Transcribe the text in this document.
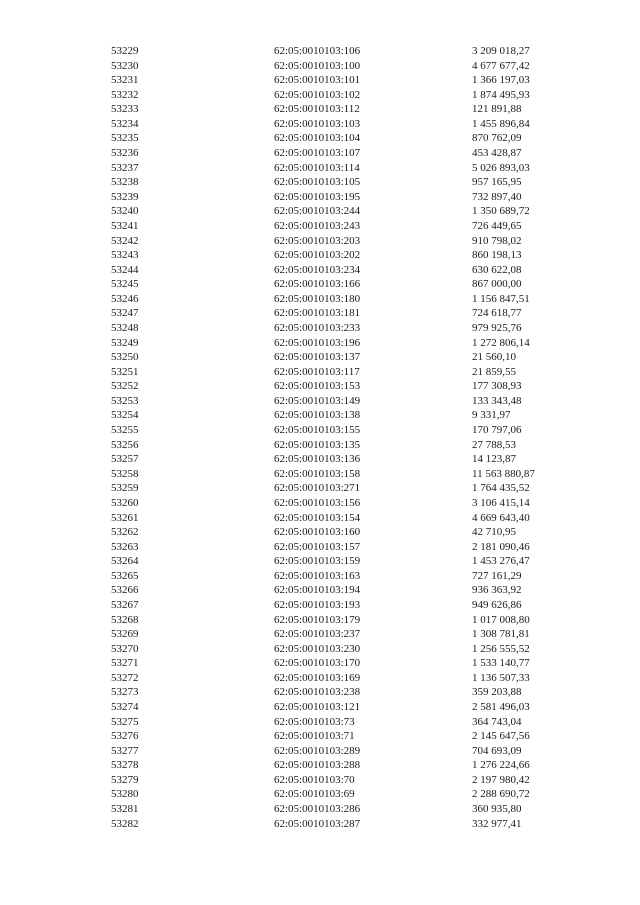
53229	62:05:0010103:106	3 209 018,27
53230	62:05:0010103:100	4 677 677,42
53231	62:05:0010103:101	1 366 197,03
53232	62:05:0010103:102	1 874 495,93
53233	62:05:0010103:112	121 891,88
53234	62:05:0010103:103	1 455 896,84
53235	62:05:0010103:104	870 762,09
53236	62:05:0010103:107	453 428,87
53237	62:05:0010103:114	5 026 893,03
53238	62:05:0010103:105	957 165,95
53239	62:05:0010103:195	732 897,40
53240	62:05:0010103:244	1 350 689,72
53241	62:05:0010103:243	726 449,65
53242	62:05:0010103:203	910 798,02
53243	62:05:0010103:202	860 198,13
53244	62:05:0010103:234	630 622,08
53245	62:05:0010103:166	867 000,00
53246	62:05:0010103:180	1 156 847,51
53247	62:05:0010103:181	724 618,77
53248	62:05:0010103:233	979 925,76
53249	62:05:0010103:196	1 272 806,14
53250	62:05:0010103:137	21 560,10
53251	62:05:0010103:117	21 859,55
53252	62:05:0010103:153	177 308,93
53253	62:05:0010103:149	133 343,48
53254	62:05:0010103:138	9 331,97
53255	62:05:0010103:155	170 797,06
53256	62:05:0010103:135	27 788,53
53257	62:05:0010103:136	14 123,87
53258	62:05:0010103:158	11 563 880,87
53259	62:05:0010103:271	1 764 435,52
53260	62:05:0010103:156	3 106 415,14
53261	62:05:0010103:154	4 669 643,40
53262	62:05:0010103:160	42 710,95
53263	62:05:0010103:157	2 181 090,46
53264	62:05:0010103:159	1 453 276,47
53265	62:05:0010103:163	727 161,29
53266	62:05:0010103:194	936 363,92
53267	62:05:0010103:193	949 626,86
53268	62:05:0010103:179	1 017 008,80
53269	62:05:0010103:237	1 308 781,81
53270	62:05:0010103:230	1 256 555,52
53271	62:05:0010103:170	1 533 140,77
53272	62:05:0010103:169	1 136 507,33
53273	62:05:0010103:238	359 203,88
53274	62:05:0010103:121	2 581 496,03
53275	62:05:0010103:73	364 743,04
53276	62:05:0010103:71	2 145 647,56
53277	62:05:0010103:289	704 693,09
53278	62:05:0010103:288	1 276 224,66
53279	62:05:0010103:70	2 197 980,42
53280	62:05:0010103:69	2 288 690,72
53281	62:05:0010103:286	360 935,80
53282	62:05:0010103:287	332 977,41
